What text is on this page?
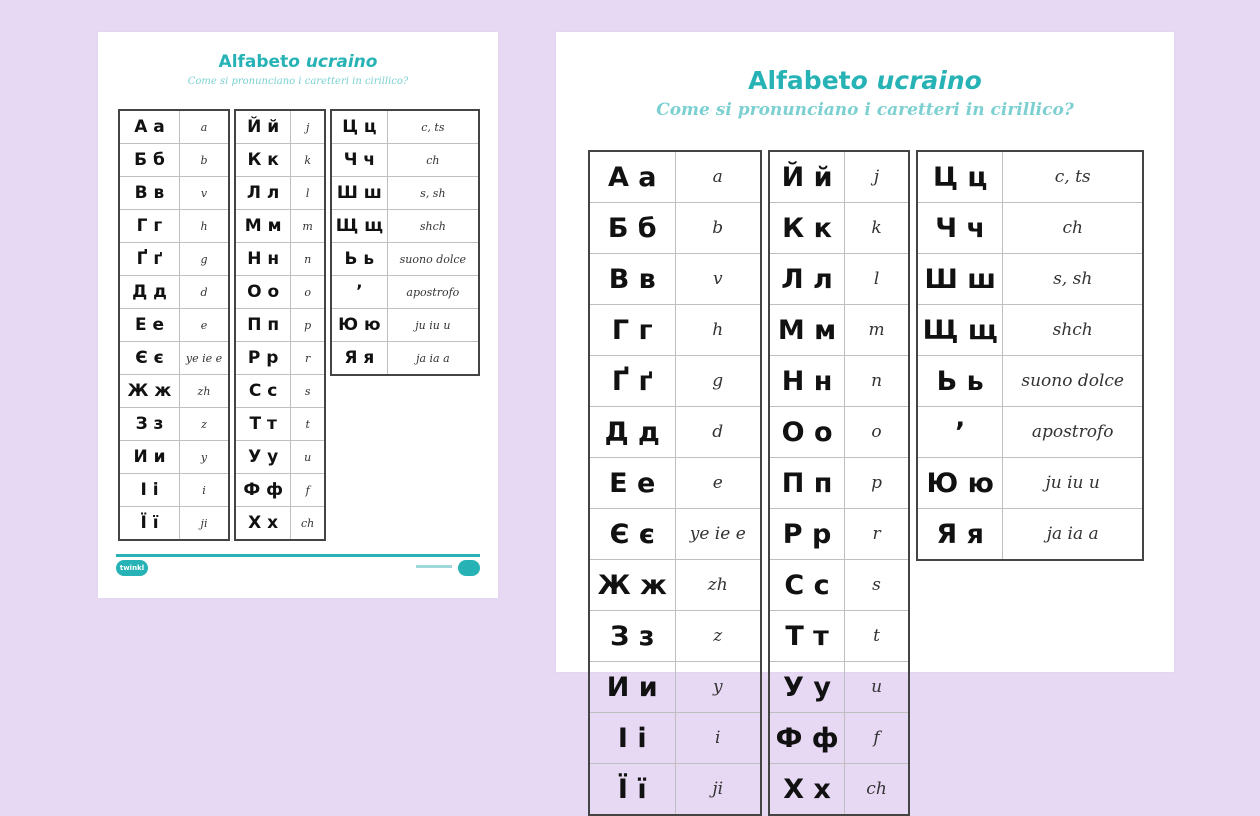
Alfabeto ucraino

Come si pronunciano i caretteri in cirillico?

А а	a
Б б	b
В в	v
Г г	h
Ґ ґ	g
Д д	d
Е е	e
Є є	ye ie e
Ж ж	zh
З з	z
И и	y
І і	i
Ї ї	ji
Й й	j
К к	k
Л л	l
М м	m
Н н	n
О о	o
П п	p
Р р	r
С с	s
Т т	t
У у	u
Ф ф	f
Х х	ch
Ц ц	c, ts
Ч ч	ch
Ш ш	s, sh
Щ щ	shch
Ь ь	suono dolce
’	apostrofo
Ю ю	ju iu u
Я я	ja ia a
twinkl
Alfabeto ucraino

Come si pronunciano i caretteri in cirillico?

А а	a
Б б	b
В в	v
Г г	h
Ґ ґ	g
Д д	d
Е е	e
Є є	ye ie e
Ж ж	zh
З з	z
И и	y
І і	i
Ї ї	ji
Й й	j
К к	k
Л л	l
М м	m
Н н	n
О о	o
П п	p
Р р	r
С с	s
Т т	t
У у	u
Ф ф	f
Х х	ch
Ц ц	c, ts
Ч ч	ch
Ш ш	s, sh
Щ щ	shch
Ь ь	suono dolce
’	apostrofo
Ю ю	ju iu u
Я я	ja ia a
